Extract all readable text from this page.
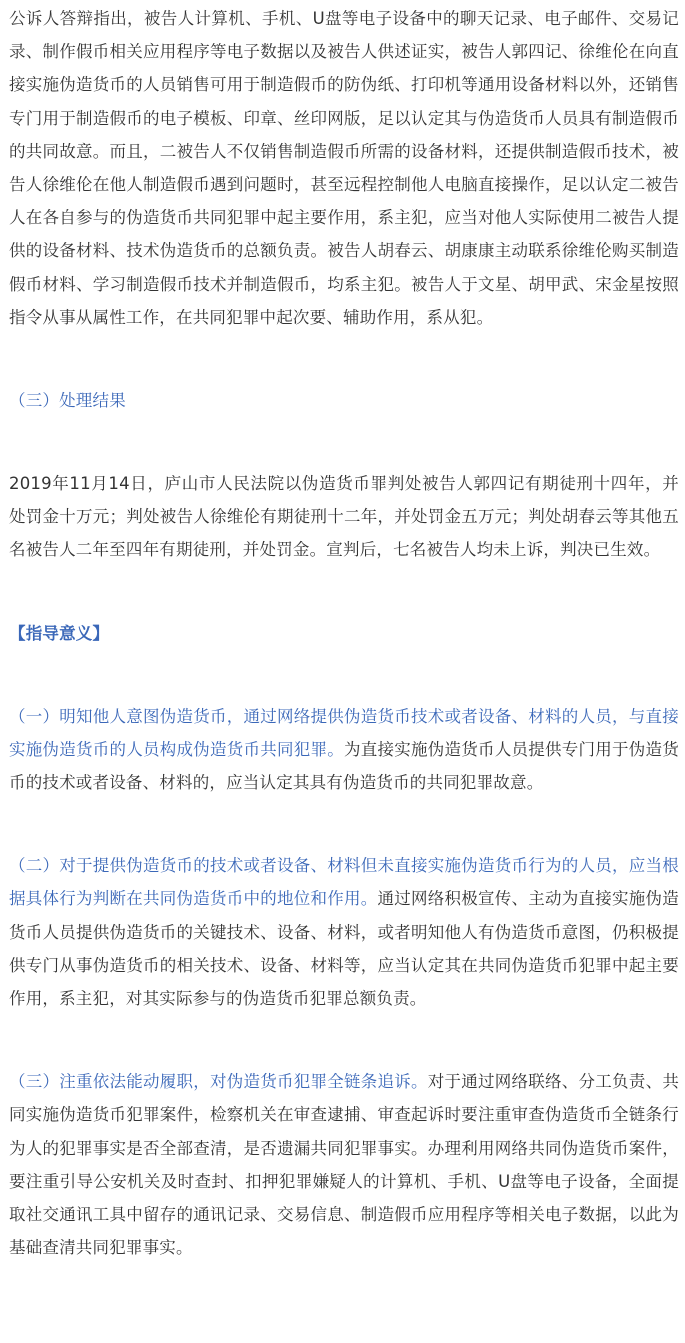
公诉人答辩指出，被告人计算机、手机、U盘等电子设备中的聊天记录、电子邮件、交易记录、制作假币相关应用程序等电子数据以及被告人供述证实，被告人郭四记、徐维伦在向直接实施伪造货币的人员销售可用于制造假币的防伪纸、打印机等通用设备材料以外，还销售专门用于制造假币的电子模板、印章、丝印网版，足以认定其与伪造货币人员具有制造假币的共同故意。而且，二被告人不仅销售制造假币所需的设备材料，还提供制造假币技术，被告人徐维伦在他人制造假币遇到问题时，甚至远程控制他人电脑直接操作，足以认定二被告人在各自参与的伪造货币共同犯罪中起主要作用，系主犯，应当对他人实际使用二被告人提供的设备材料、技术伪造货币的总额负责。被告人胡春云、胡康康主动联系徐维伦购买制造假币材料、学习制造假币技术并制造假币，均系主犯。被告人于文星、胡甲武、宋金星按照指令从事从属性工作，在共同犯罪中起次要、辅助作用，系从犯。

（三）处理结果

2019年11月14日，庐山市人民法院以伪造货币罪判处被告人郭四记有期徒刑十四年，并处罚金十万元；判处被告人徐维伦有期徒刑十二年，并处罚金五万元；判处胡春云等其他五名被告人二年至四年有期徒刑，并处罚金。宣判后，七名被告人均未上诉，判决已生效。

【指导意义】

（一）明知他人意图伪造货币，通过网络提供伪造货币技术或者设备、材料的人员，与直接实施伪造货币的人员构成伪造货币共同犯罪。为直接实施伪造货币人员提供专门用于伪造货币的技术或者设备、材料的，应当认定其具有伪造货币的共同犯罪故意。

（二）对于提供伪造货币的技术或者设备、材料但未直接实施伪造货币行为的人员，应当根据具体行为判断在共同伪造货币中的地位和作用。通过网络积极宣传、主动为直接实施伪造货币人员提供伪造货币的关键技术、设备、材料，或者明知他人有伪造货币意图，仍积极提供专门从事伪造货币的相关技术、设备、材料等，应当认定其在共同伪造货币犯罪中起主要作用，系主犯，对其实际参与的伪造货币犯罪总额负责。

（三）注重依法能动履职，对伪造货币犯罪全链条追诉。对于通过网络联络、分工负责、共同实施伪造货币犯罪案件，检察机关在审查逮捕、审查起诉时要注重审查伪造货币全链条行为人的犯罪事实是否全部查清，是否遗漏共同犯罪事实。办理利用网络共同伪造货币案件，要注重引导公安机关及时查封、扣押犯罪嫌疑人的计算机、手机、U盘等电子设备，全面提取社交通讯工具中留存的通讯记录、交易信息、制造假币应用程序等相关电子数据，以此为基础查清共同犯罪事实。
